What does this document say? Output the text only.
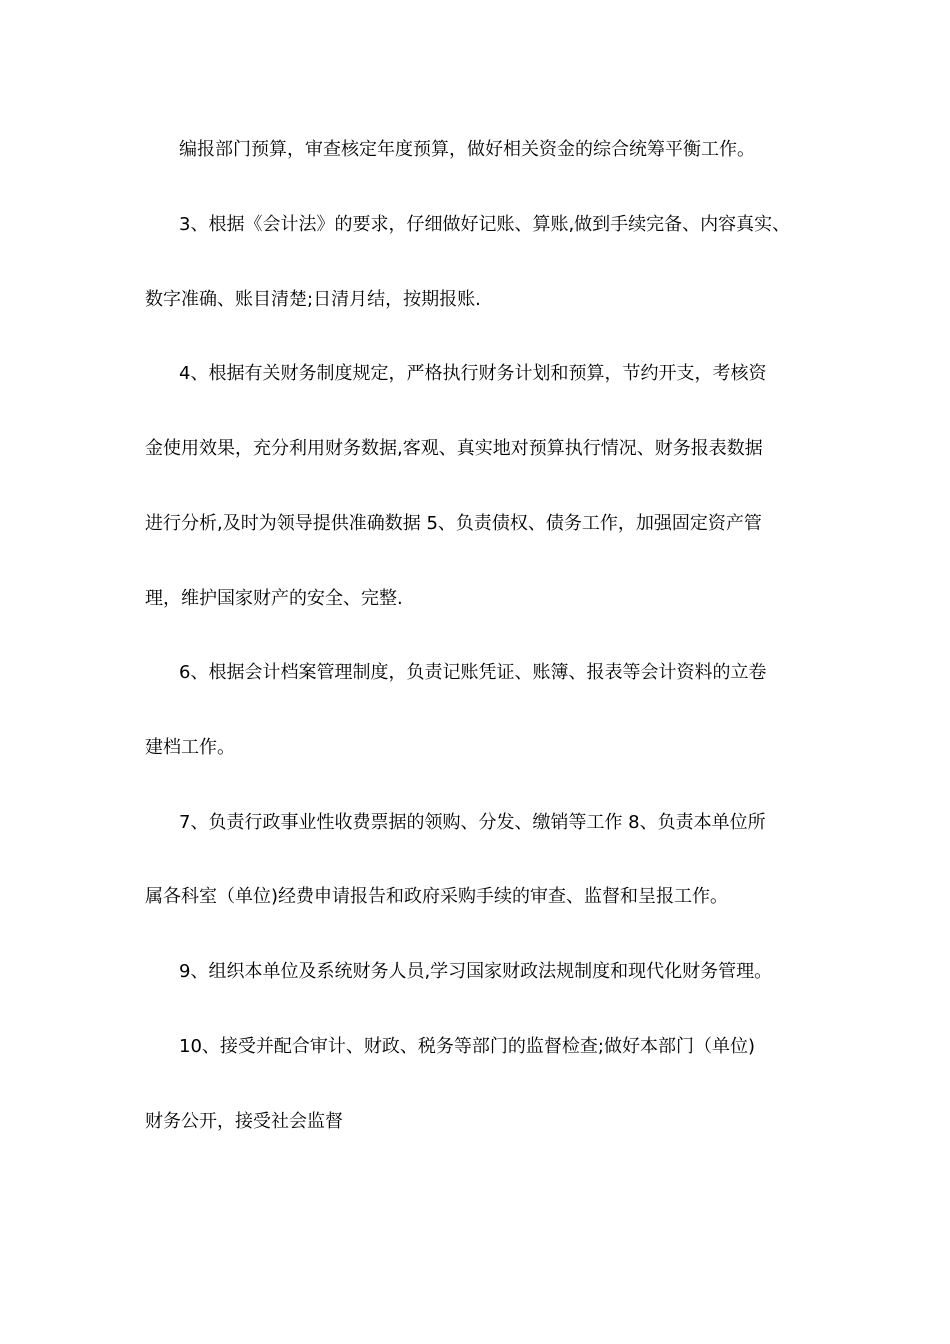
编报部门预算，审查核定年度预算，做好相关资金的综合统筹平衡工作。
3、根据《会计法》的要求，仔细做好记账、算账,做到手续完备、内容真实、
数字准确、账目清楚;日清月结，按期报账.
4、根据有关财务制度规定，严格执行财务计划和预算，节约开支，考核资
金使用效果，充分利用财务数据,客观、真实地对预算执行情况、财务报表数据
进行分析,及时为领导提供准确数据 5、负责债权、债务工作，加强固定资产管
理，维护国家财产的安全、完整.
6、根据会计档案管理制度，负责记账凭证、账簿、报表等会计资料的立卷
建档工作。
7、负责行政事业性收费票据的领购、分发、缴销等工作 8、负责本单位所
属各科室（单位)经费申请报告和政府采购手续的审查、监督和呈报工作。
9、组织本单位及系统财务人员,学习国家财政法规制度和现代化财务管理。
10、接受并配合审计、财政、税务等部门的监督检查;做好本部门（单位)
财务公开，接受社会监督
